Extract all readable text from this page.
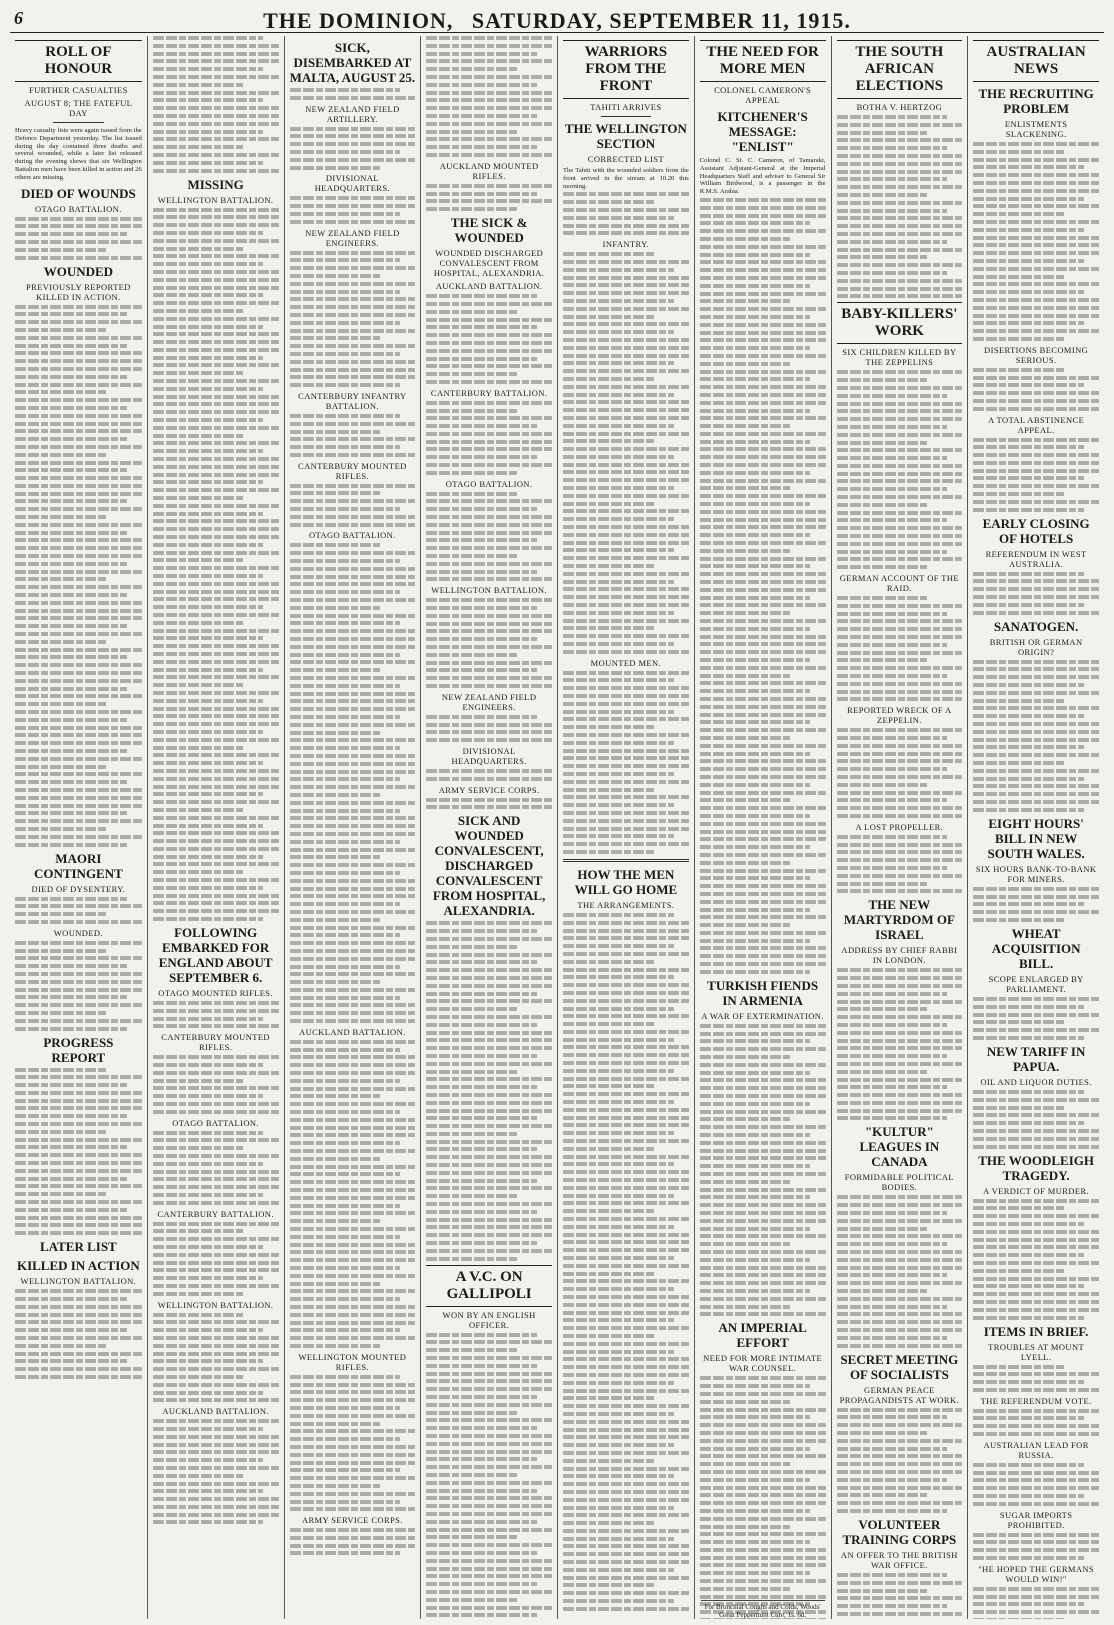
6	THE DOMINION, SATURDAY, SEPTEMBER 11, 1915.
ROLL OF HONOUR
FURTHER CASUALTIES
AUGUST 8; THE FATEFUL DAY

Heavy casualty lists were again issued from the Defence Department yesterday. The list issued during the day contained three deaths and several wounded, while a later list released during the evening shows that six Wellington Battalion men have been killed in action and 26 others are missing.

DIED OF WOUNDS
OTAGO BATTALION.
WOUNDED
PREVIOUSLY REPORTED KILLED IN ACTION.
MAORI CONTINGENT
DIED OF DYSENTERY.
WOUNDED.
PROGRESS REPORT
LATER LIST
KILLED IN ACTION
WELLINGTON BATTALION.
MISSING
WELLINGTON BATTALION.
FOLLOWING EMBARKED FOR ENGLAND ABOUT SEPTEMBER 6.
OTAGO MOUNTED RIFLES.
CANTERBURY MOUNTED RIFLES.
OTAGO BATTALION.
CANTERBURY BATTALION.
WELLINGTON BATTALION.
AUCKLAND BATTALION.
SICK, DISEMBARKED AT MALTA, AUGUST 25.
NEW ZEALAND FIELD ARTILLERY.
DIVISIONAL HEADQUARTERS.
NEW ZEALAND FIELD ENGINEERS.
CANTERBURY INFANTRY BATTALION.
CANTERBURY MOUNTED RIFLES.
OTAGO BATTALION.
AUCKLAND BATTALION.
WELLINGTON MOUNTED RIFLES.
ARMY SERVICE CORPS.
AUCKLAND MOUNTED RIFLES.
THE SICK & WOUNDED
WOUNDED DISCHARGED CONVALESCENT FROM HOSPITAL, ALEXANDRIA.
AUCKLAND BATTALION.
CANTERBURY BATTALION.
OTAGO BATTALION.
WELLINGTON BATTALION.
NEW ZEALAND FIELD ENGINEERS.
DIVISIONAL HEADQUARTERS.
ARMY SERVICE CORPS.
SICK AND WOUNDED CONVALESCENT, DISCHARGED CONVALESCENT FROM HOSPITAL, ALEXANDRIA.
A V.C. ON GALLIPOLI
WON BY AN ENGLISH OFFICER.
WARRIORS FROM THE FRONT
TAHITI ARRIVES
THE WELLINGTON SECTION
CORRECTED LIST

The Tahiti with the wounded soldiers from the front arrived in the stream at 10.20 this morning.

INFANTRY.
MOUNTED MEN.
HOW THE MEN WILL GO HOME
THE ARRANGEMENTS.
THE NEED FOR MORE MEN
COLONEL CAMERON'S APPEAL
KITCHENER'S MESSAGE: "ENLIST"

Colonel C. St. C. Cameron, of Tamaraki, Assistant Adjutant-General at the Imperial Headquarters Staff and adviser to General Sir William Birdwood, is a passenger in the R.M.S. Arahia.

TURKISH FIENDS IN ARMENIA
A WAR OF EXTERMINATION.
AN IMPERIAL EFFORT
NEED FOR MORE INTIMATE WAR COUNSEL.
For Bronchial Coughs and Colds, Woods' Great Peppermint Cure, 1s. 6d.
THE SOUTH AFRICAN ELECTIONS
BOTHA V. HERTZOG
BABY-KILLERS' WORK
SIX CHILDREN KILLED BY THE ZEPPELINS
GERMAN ACCOUNT OF THE RAID.
REPORTED WRECK OF A ZEPPELIN.
A LOST PROPELLER.
THE NEW MARTYRDOM OF ISRAEL
ADDRESS BY CHIEF RABBI IN LONDON.
"KULTUR" LEAGUES IN CANADA
FORMIDABLE POLITICAL BODIES.
SECRET MEETING OF SOCIALISTS
GERMAN PEACE PROPAGANDISTS AT WORK.
VOLUNTEER TRAINING CORPS
AN OFFER TO THE BRITISH WAR OFFICE.
AUSTRALIAN NEWS
THE RECRUITING PROBLEM
ENLISTMENTS SLACKENING.
DISERTIONS BECOMING SERIOUS.
A TOTAL ABSTINENCE APPEAL.
EARLY CLOSING OF HOTELS
REFERENDUM IN WEST AUSTRALIA.
SANATOGEN.
BRITISH OR GERMAN ORIGIN?
EIGHT HOURS' BILL IN NEW SOUTH WALES.
SIX HOURS BANK-TO-BANK FOR MINERS.
WHEAT ACQUISITION BILL.
SCOPE ENLARGED BY PARLIAMENT.
NEW TARIFF IN PAPUA.
OIL AND LIQUOR DUTIES.
THE WOODLEIGH TRAGEDY.
A VERDICT OF MURDER.
ITEMS IN BRIEF.
TROUBLES AT MOUNT LYELL.
THE REFERENDUM VOTE.
AUSTRALIAN LEAD FOR RUSSIA.
SUGAR IMPORTS PROHIBITED.
"HE HOPED THE GERMANS WOULD WIN!"
